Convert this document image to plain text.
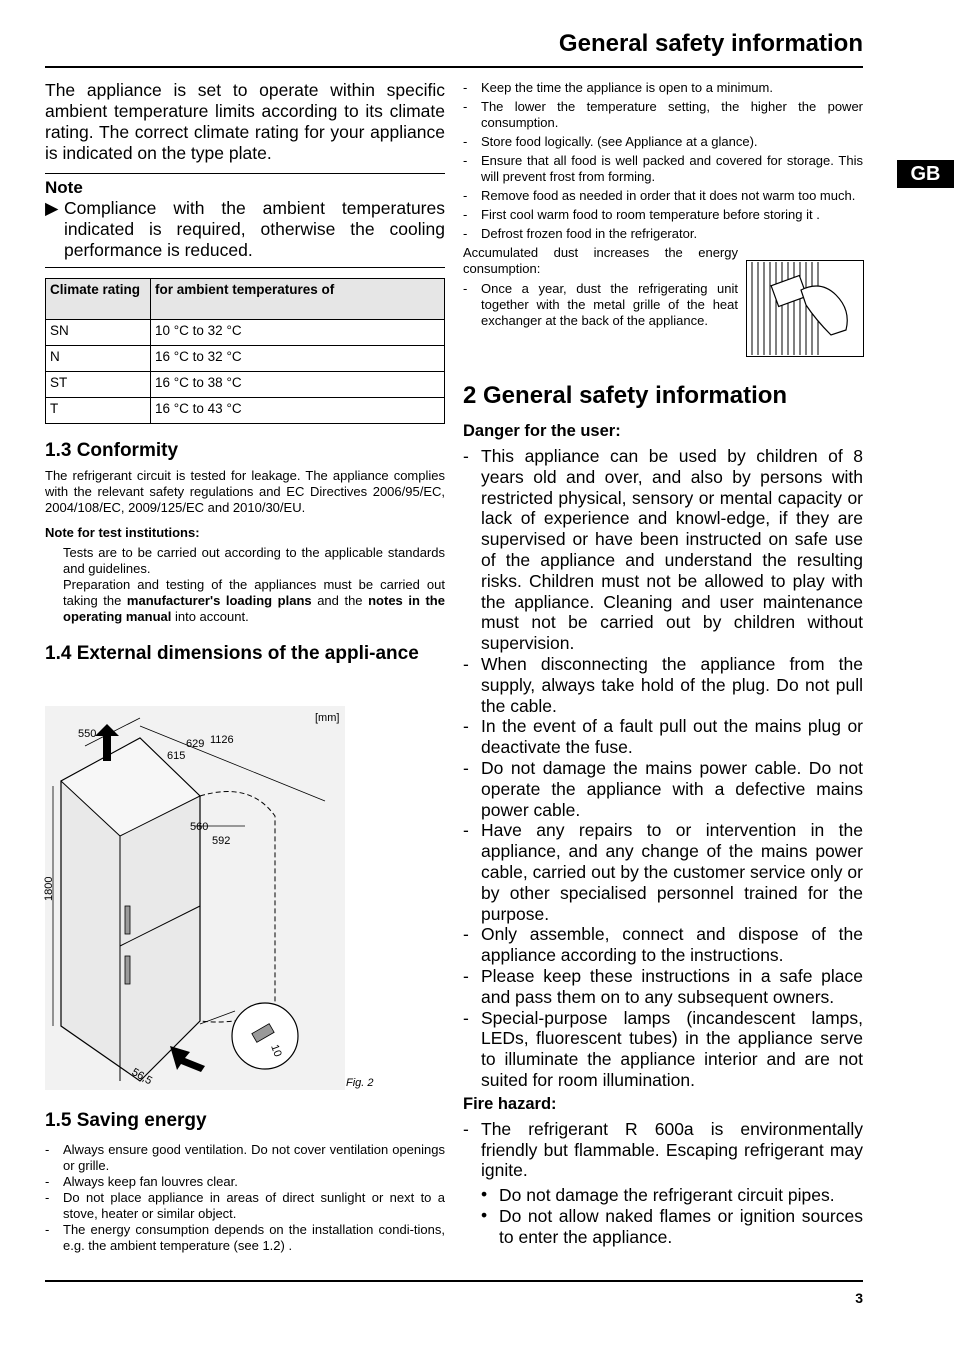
General safety information
GB
The appliance is set to operate within specific ambient temperature limits according to its climate rating. The correct climate rating for your appliance is indicated on the type plate.
Note
▶ Compliance with the ambient temperatures indicated is required, otherwise the cooling performance is reduced.
Climate rating	for ambient temperatures of
SN	10 °C to 32 °C
N	16 °C to 32 °C
ST	16 °C to 38 °C
T	16 °C to 43 °C
1.3 Conformity
The refrigerant circuit is tested for leakage. The appliance complies with the relevant safety regulations and EC Directives 2006/95/EC, 2004/108/EC, 2009/125/EC and 2010/30/EU.
Note for test institutions:
Tests are to be carried out according to the applicable standards and guidelines.
Preparation and testing of the appliances must be carried out taking the manufacturer's loading plans and the notes in the operating manual into account.
1.4 External dimensions of the appli-ance
550
629 1126
615
560
592
1800
10
56,5
[mm]
Fig. 2
1.5 Saving energy
- Always ensure good ventilation. Do not cover ventilation openings or grille.
- Always keep fan louvres clear.
- Do not place appliance in areas of direct sunlight or next to a stove, heater or similar object.
- The energy consumption depends on the installation condi-tions, e.g. the ambient temperature (see 1.2) .
- Keep the time the appliance is open to a minimum.
- The lower the temperature setting, the higher the power consumption.
- Store food logically. (see Appliance at a glance).
- Ensure that all food is well packed and covered for storage. This will prevent frost from forming.
- Remove food as needed in order that it does not warm too much.
- First cool warm food to room temperature before storing it .
- Defrost frozen food in the refrigerator.
Accumulated dust increases the energy consumption:
- Once a year, dust the refrigerating unit together with the metal grille of the heat exchanger at the back of the appliance.
2 General safety information
Danger for the user:
- This appliance can be used by children of 8 years old and over, and also by persons with restricted physical, sensory or mental capacity or lack of experience and knowl-edge, if they are supervised or have been instructed on safe use of the appliance and understand the resulting risks. Children must not be allowed to play with the appliance. Cleaning and user maintenance must not be carried out by children without supervision.
- When disconnecting the appliance from the supply, always take hold of the plug. Do not pull the cable.
- In the event of a fault pull out the mains plug or deactivate the fuse.
- Do not damage the mains power cable. Do not operate the appliance with a defective mains power cable.
- Have any repairs to or intervention in the appliance, and any change of the mains power cable, carried out by the customer service only or by other specialised personnel trained for the purpose.
- Only assemble, connect and dispose of the appliance according to the instructions.
- Please keep these instructions in a safe place and pass them on to any subsequent owners.
- Special-purpose lamps (incandescent lamps, LEDs, fluorescent tubes) in the appliance serve to illuminate the appliance interior and are not suited for room illumination.
Fire hazard:
- The refrigerant R 600a is environmentally friendly but flammable. Escaping refrigerant may ignite.
• Do not damage the refrigerant circuit pipes.
• Do not allow naked flames or ignition sources to enter the appliance.
3
